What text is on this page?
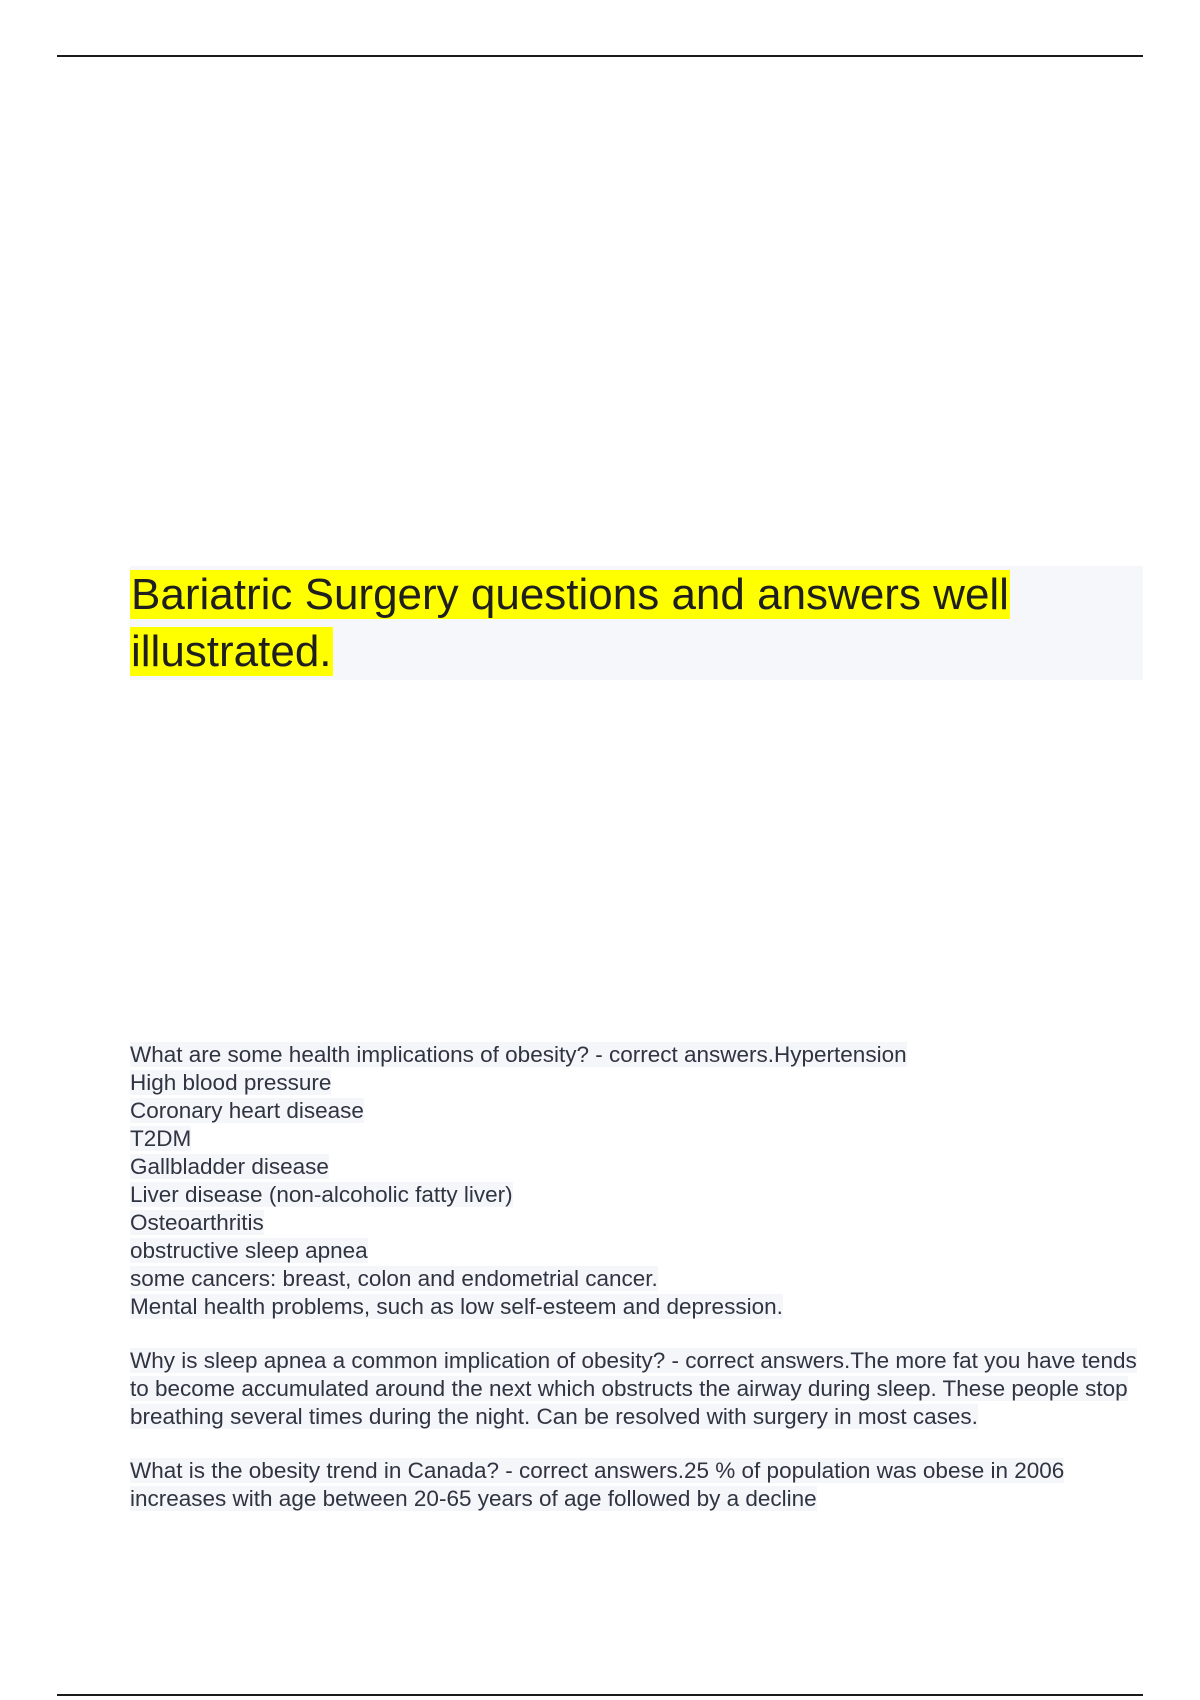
Bariatric Surgery questions and answers well illustrated.
What are some health implications of obesity? - correct answers.Hypertension
High blood pressure
Coronary heart disease
T2DM
Gallbladder disease
Liver disease (non-alcoholic fatty liver)
Osteoarthritis
obstructive sleep apnea
some cancers: breast, colon and endometrial cancer.
Mental health problems, such as low self-esteem and depression.
Why is sleep apnea a common implication of obesity? - correct answers.The more fat you have tends to become accumulated around the next which obstructs the airway during sleep. These people stop breathing several times during the night. Can be resolved with surgery in most cases.
What is the obesity trend in Canada? - correct answers.25 % of population was obese in 2006 increases with age between 20-65 years of age followed by a decline
